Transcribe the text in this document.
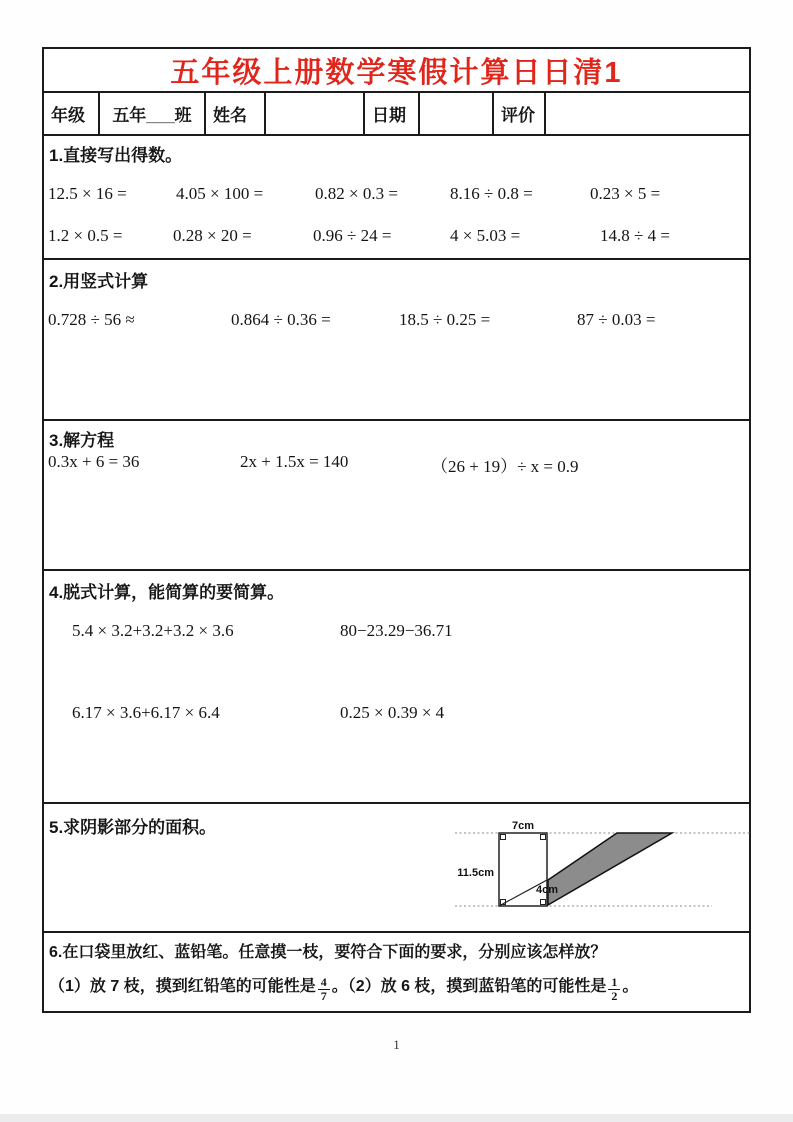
五年级上册数学寒假计算日日清1
年级	五年___班	姓名	日期	评价
1.直接写出得数。
12.5 × 16 =	4.05 × 100 =	0.82 × 0.3 =	8.16 ÷ 0.8 =	0.23 × 5 =
1.2 × 0.5 =	0.28 × 20 =	0.96 ÷ 24 =	4 × 5.03 =	14.8 ÷ 4 =
2.用竖式计算
0.728 ÷ 56 ≈	0.864 ÷ 0.36 =	18.5 ÷ 0.25 =	87 ÷ 0.03 =
3.解方程
0.3x + 6 = 36	2x + 1.5x = 140	（26 + 19）÷ x = 0.9
4.脱式计算，能简算的要简算。
5.4 × 3.2+3.2+3.2 × 3.6	80−23.29−36.71
6.17 × 3.6+6.17 × 6.4	0.25 × 0.39 × 4
5.求阴影部分的面积。	7cm
11.5cm
4cm
6.在口袋里放红、蓝铅笔。任意摸一枝，要符合下面的要求，分别应该怎样放？
（1）放 7 枝，摸到红铅笔的可能性是 $\frac{4}{7}$ 。（2）放 6 枝，摸到蓝铅笔的可能性是 $\frac{1}{2}$ 。
1
